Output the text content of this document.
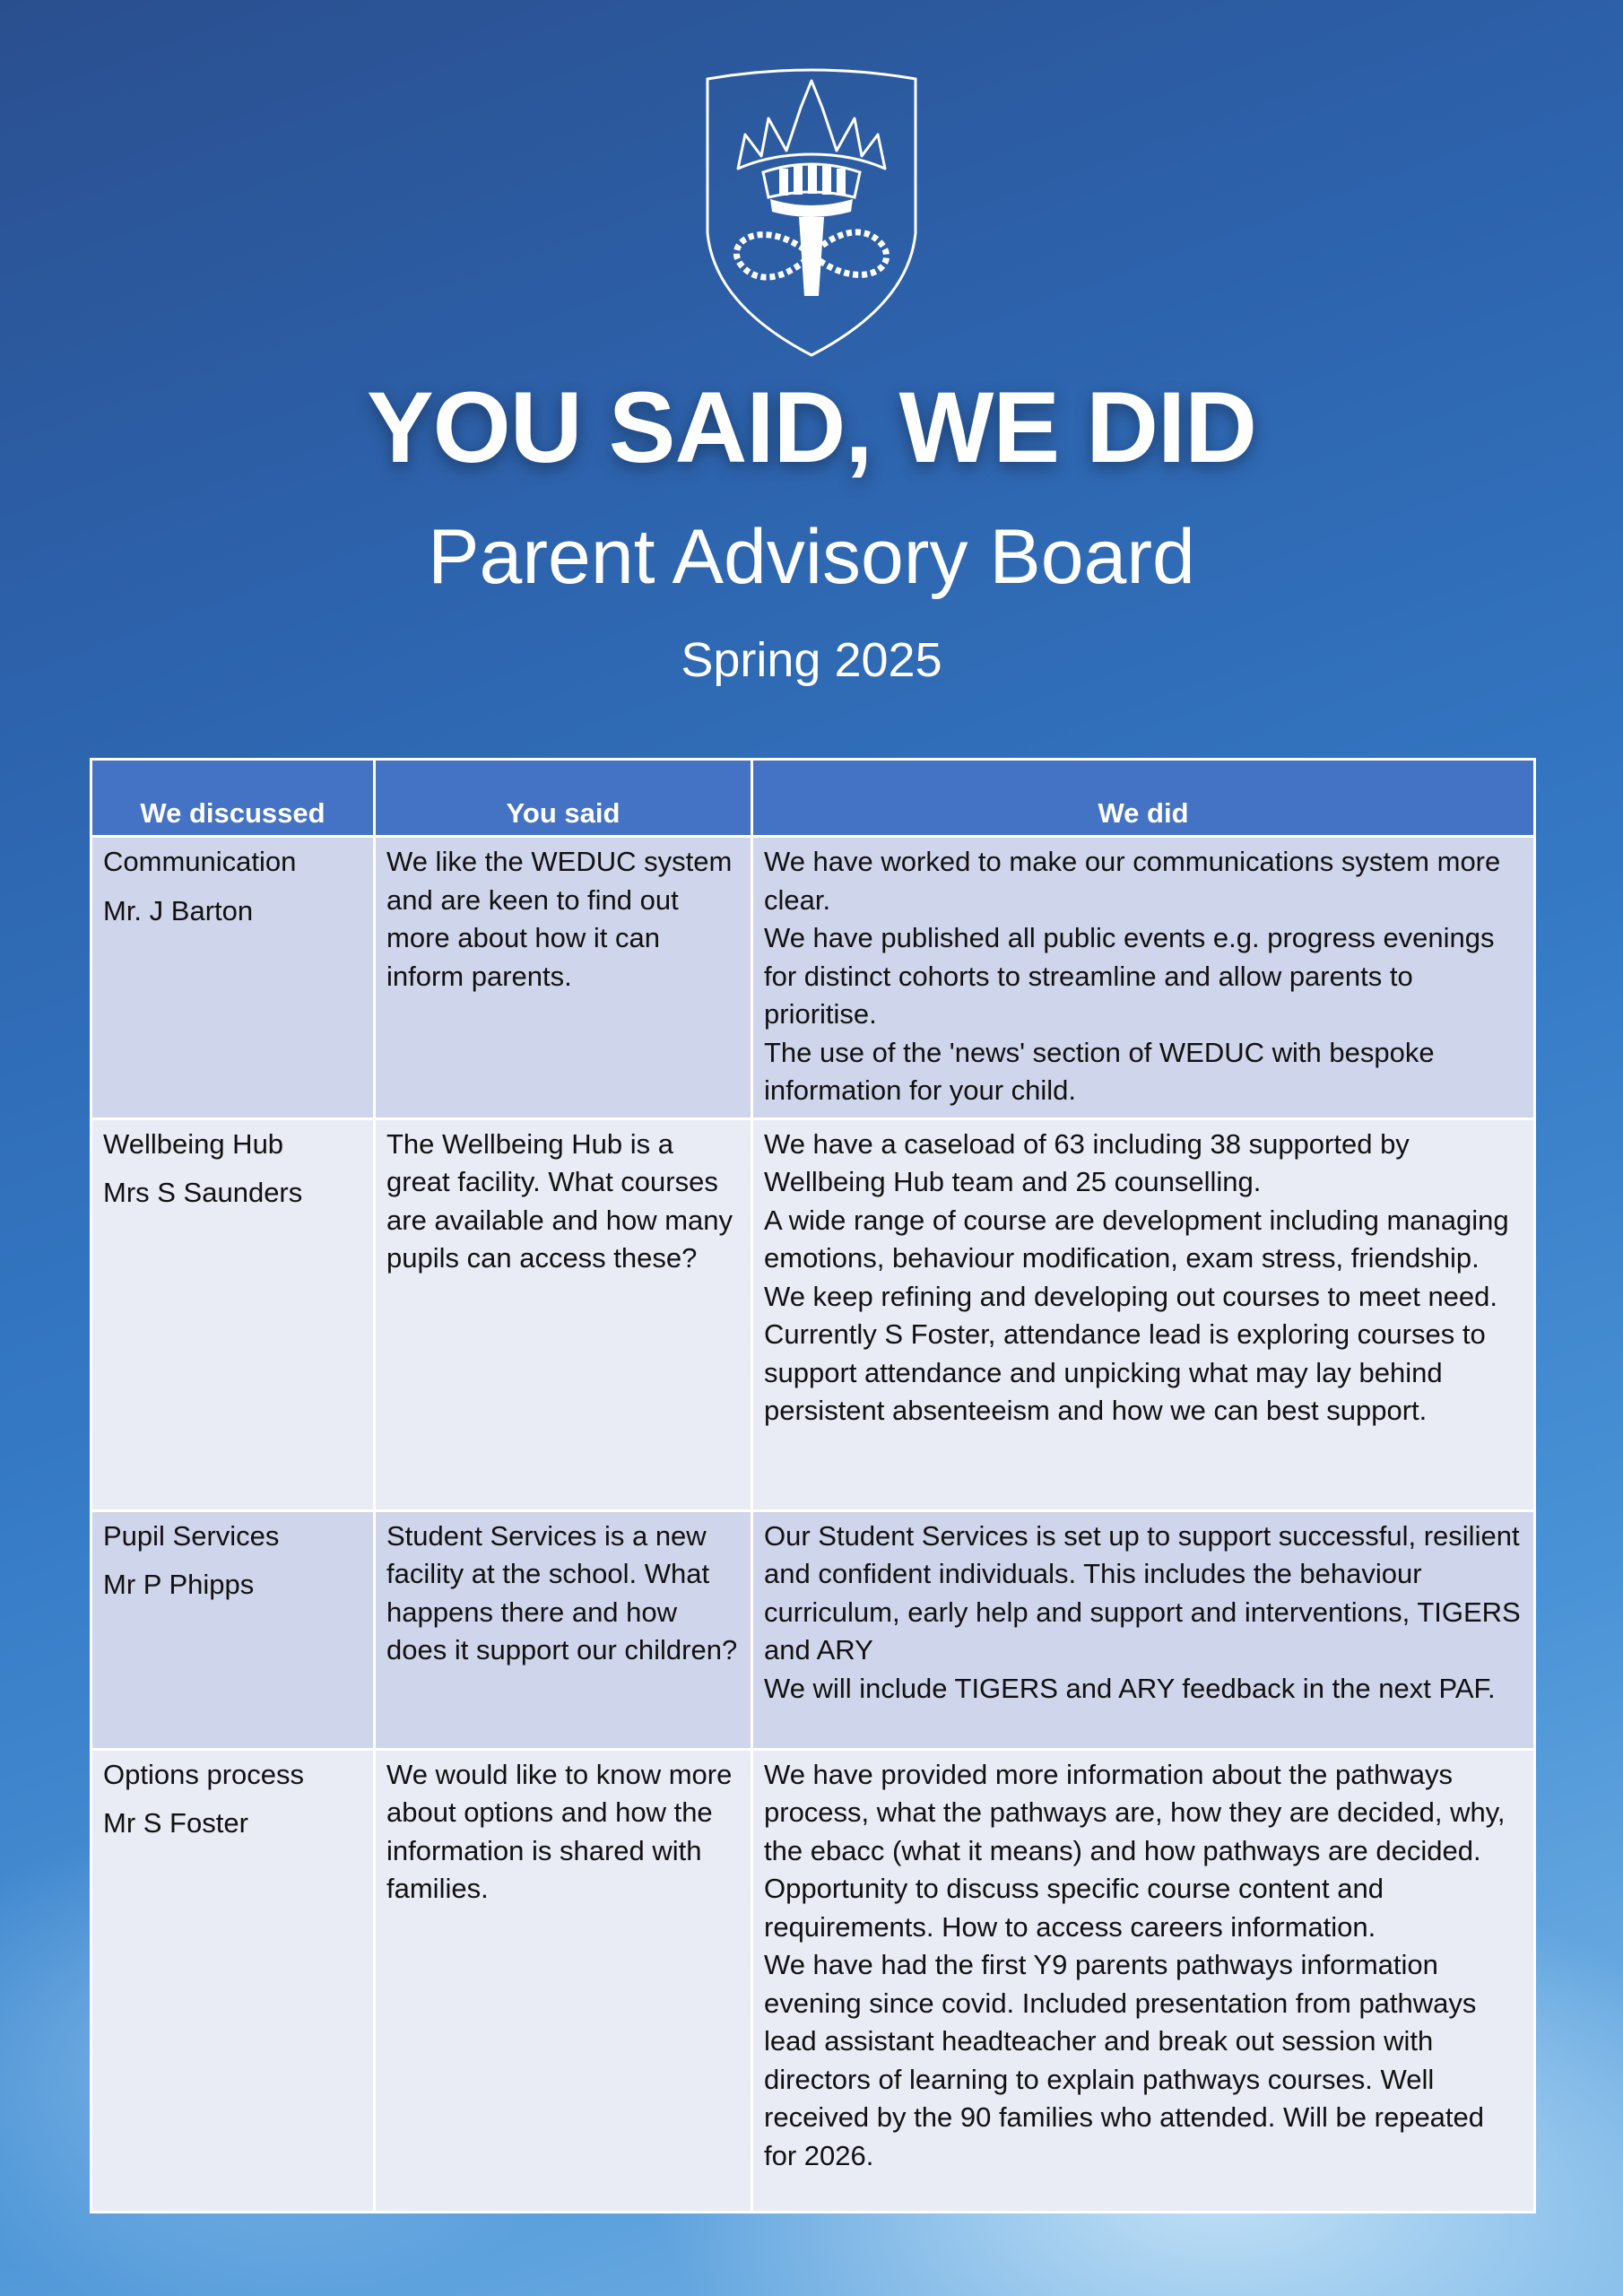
YOU SAID, WE DID
Parent Advisory Board
Spring 2025
We discussed	You said	We did

Communication
Mr. J Barton	We like the WEDUC system and are keen to find out more about how it can inform parents.	We have worked to make our communications system more clear.
We have published all public events e.g. progress evenings for distinct cohorts to streamline and allow parents to prioritise.
The use of the 'news' section of WEDUC with bespoke information for your child.

Wellbeing Hub
Mrs S Saunders	The Wellbeing Hub is a great facility. What courses are available and how many pupils can access these?	We have a caseload of 63 including 38 supported by Wellbeing Hub team and 25 counselling.
A wide range of course are development including managing emotions, behaviour modification, exam stress, friendship.
We keep refining and developing out courses to meet need. Currently S Foster, attendance lead is exploring courses to support attendance and unpicking what may lay behind persistent absenteeism and how we can best support.

Pupil Services
Mr P Phipps	Student Services is a new facility at the school. What happens there and how does it support our children?	Our Student Services is set up to support successful, resilient and confident individuals. This includes the behaviour curriculum, early help and support and interventions, TIGERS and ARY
We will include TIGERS and ARY feedback in the next PAF.

Options process
Mr S Foster	We would like to know more about options and how the information is shared with families.	We have provided more information about the pathways process, what the pathways are, how they are decided, why, the ebacc (what it means) and how pathways are decided. Opportunity to discuss specific course content and requirements. How to access careers information.
We have had the first Y9 parents pathways information evening since covid. Included presentation from pathways lead assistant headteacher and break out session with directors of learning to explain pathways courses. Well received by the 90 families who attended. Will be repeated for 2026.
